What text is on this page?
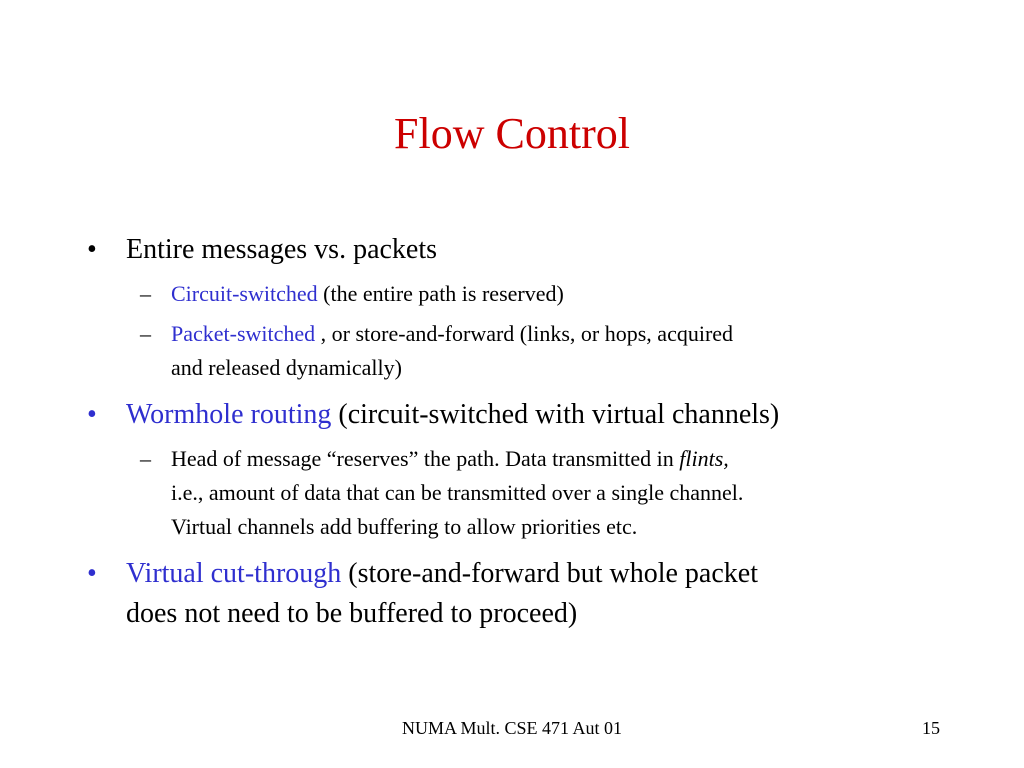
Flow Control
• Entire messages vs. packets
– Circuit-switched (the entire path is reserved)
– Packet-switched , or store-and-forward (links, or hops, acquired
and released dynamically)
• Wormhole routing (circuit-switched with virtual channels)
– Head of message “reserves” the path. Data transmitted in flints,
i.e., amount of data that can be transmitted over a single channel.
Virtual channels add buffering to allow priorities etc.
• Virtual cut-through (store-and-forward but whole packet
does not need to be buffered to proceed)
NUMA Mult. CSE 471 Aut 01	15
